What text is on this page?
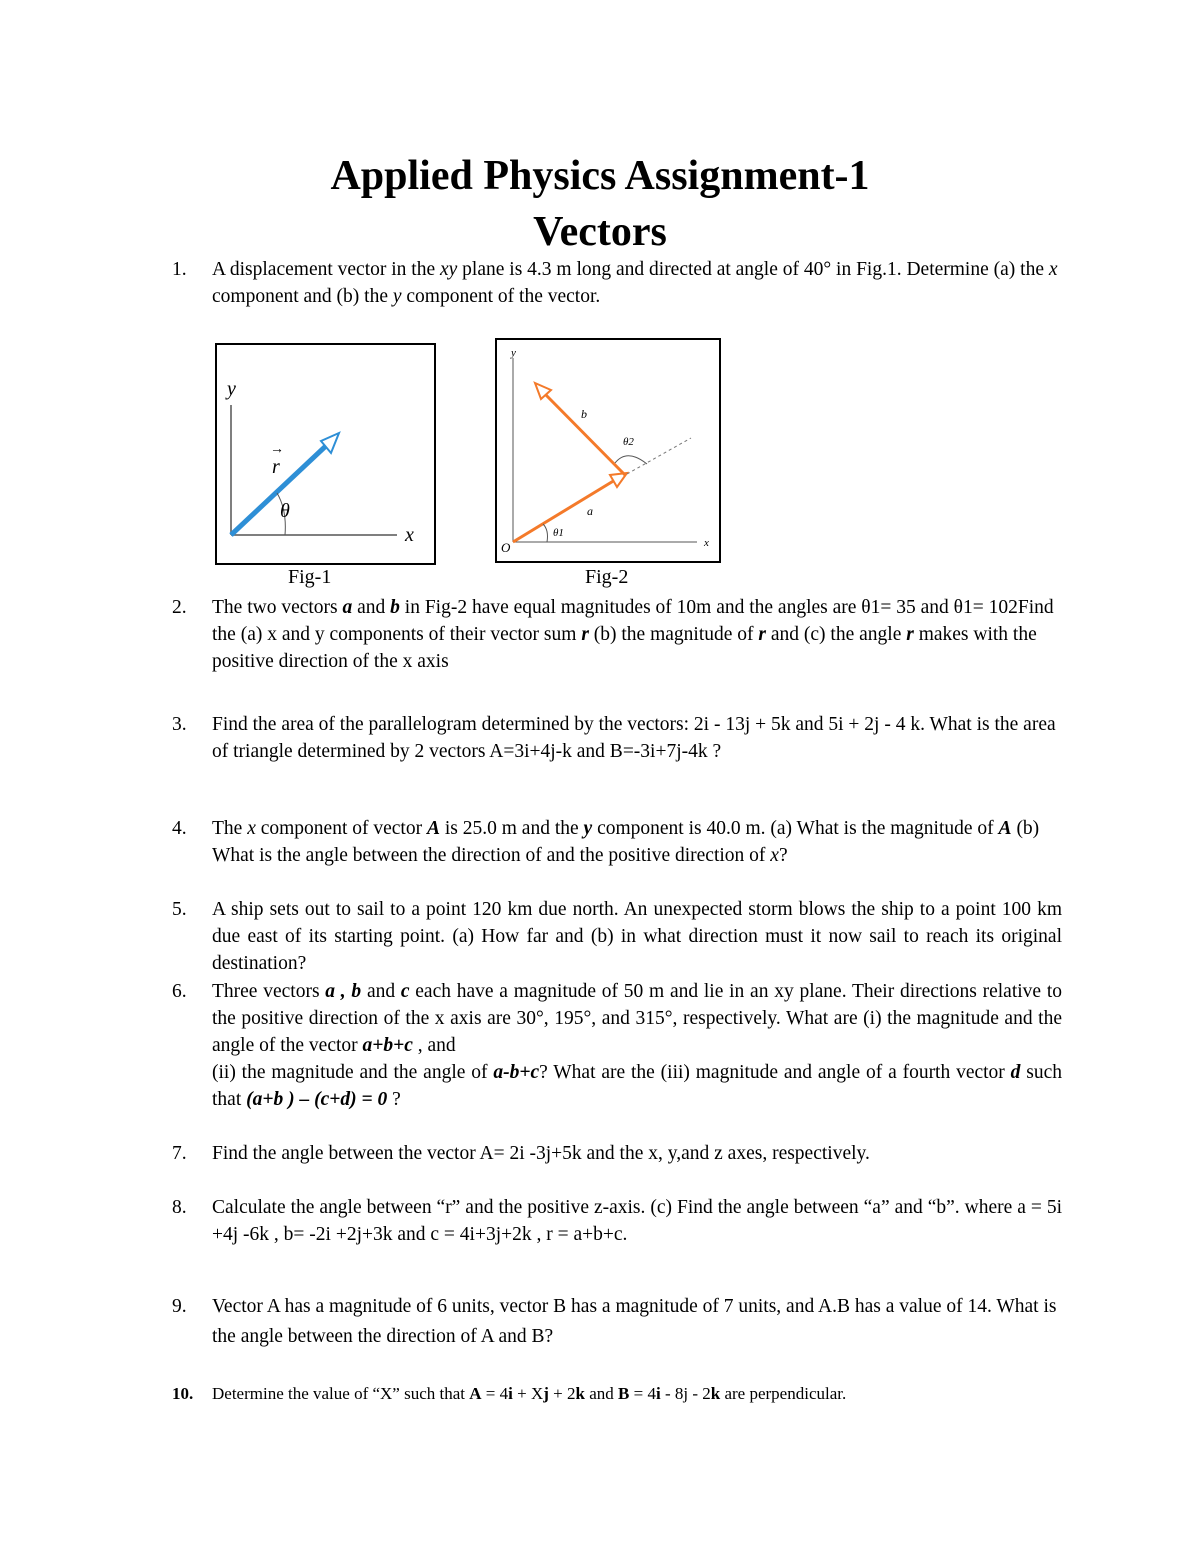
Applied Physics Assignment-1
Vectors
1. A displacement vector in the xy plane is 4.3 m long and directed at angle of 40° in Fig.1. Determine (a) the x component and (b) the y component of the vector.
y
x
r
→
θ
y
x
O
θ1
θ2
a
b
Fig-1	Fig-2
2. The two vectors a and b in Fig-2 have equal magnitudes of 10m and the angles are θ1= 35 and θ1= 102Find the (a) x and y components of their vector sum r (b) the magnitude of r and (c) the angle r makes with the positive direction of the x axis
3. Find the area of the parallelogram determined by the vectors: 2i - 13j + 5k and 5i + 2j - 4 k. What is the area of triangle determined by 2 vectors A=3i+4j-k and B=-3i+7j-4k ?
4. The x component of vector A is 25.0 m and the y component is 40.0 m. (a) What is the magnitude of A (b) What is the angle between the direction of and the positive direction of x?
5. A ship sets out to sail to a point 120 km due north. An unexpected storm blows the ship to a point 100 km due east of its starting point. (a) How far and (b) in what direction must it now sail to reach its original destination?
6. Three vectors a , b and c each have a magnitude of 50 m and lie in an xy plane. Their directions relative to the positive direction of the x axis are 30°, 195°, and 315°, respectively. What are (i) the magnitude and the angle of the vector a+b+c , and
(ii) the magnitude and the angle of a-b+c? What are the (iii) magnitude and angle of a fourth vector d such that (a+b ) – (c+d) = 0 ?
7. Find the angle between the vector A= 2i -3j+5k and the x, y,and z axes, respectively.
8. Calculate the angle between “r” and the positive z-axis. (c) Find the angle between “a” and “b”. where a = 5i +4j -6k , b= -2i +2j+3k and c = 4i+3j+2k , r = a+b+c.
9. Vector A has a magnitude of 6 units, vector B has a magnitude of 7 units, and A.B has a value of 14. What is the angle between the direction of A and B?
10. Determine the value of “X” such that A = 4i + Xj + 2k and B = 4i - 8j - 2k are perpendicular.
